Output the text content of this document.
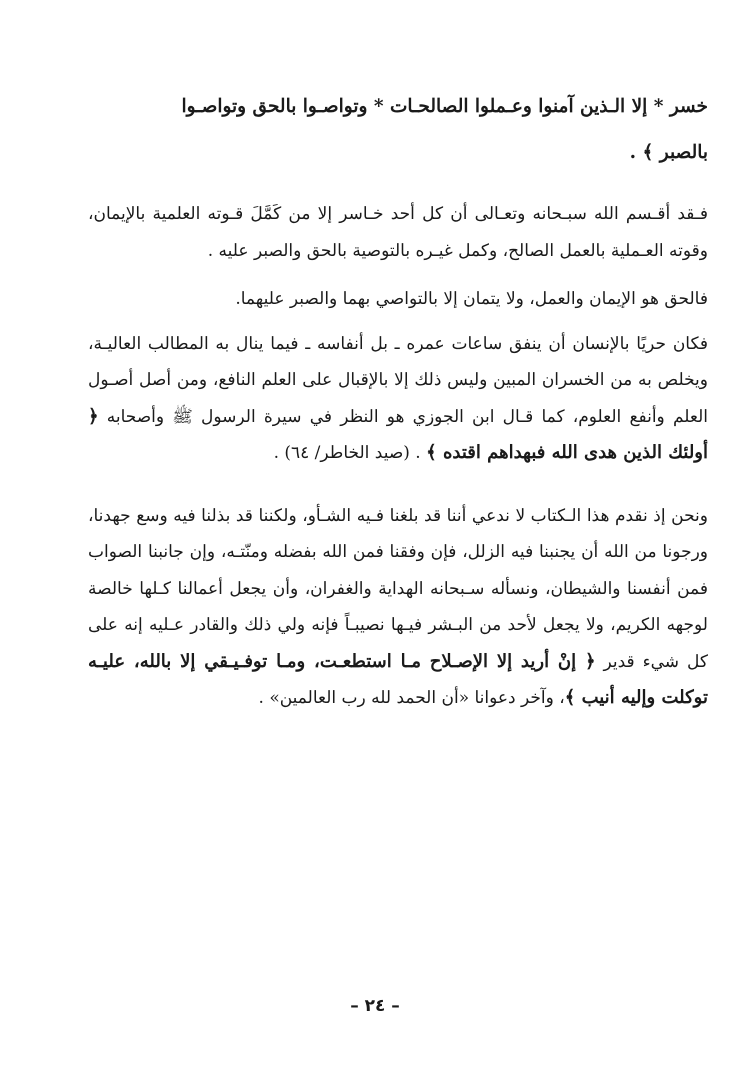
خسر * إلا الـذين آمنوا وعـملوا الصالحـات * وتواصـوا بالحق وتواصـوا
بالصبر ﴾ .

فـقد أقـسم الله سبـحانه وتعـالى أن كل أحد خـاسر إلا من كَمَّلَ قـوته العلمية بالإيمان، وقوته العـملية بالعمل الصالح، وكمل غيـره بالتوصية بالحق والصبر عليه .

فالحق هو الإيمان والعمل، ولا يتمان إلا بالتواصي بهما والصبر عليهما.

فكان حريًا بالإنسان أن ينفق ساعات عمره ـ بل أنفاسه ـ فيما ينال به المطالب العاليـة، ويخلص به من الخسران المبين وليس ذلك إلا بالإقبال على العلم النافع، ومن أصل أصـول العلم وأنفع العلوم، كما قـال ابن الجوزي هو النظر في سيرة الرسول ﷺ وأصحابه ﴿ أولئك الذين هدى الله فبهداهم اقتده ﴾ . (صيد الخاطر/ ٦٤) .

ونحن إذ نقدم هذا الـكتاب لا ندعي أننا قد بلغنا فـيه الشـأو، ولكننا قد بذلنا فيه وسع جهدنا، ورجونا من الله أن يجنبنا فيه الزلل، فإن وفقنا فمن الله بفضله ومنّتـه، وإن جانبنا الصواب فمن أنفسنا والشيطان، ونسأله سـبحانه الهداية والغفران، وأن يجعل أعمالنا كـلها خالصة لوجهه الكريم، ولا يجعل لأحد من البـشر فيـها نصيبـاً فإنه ولي ذلك والقادر عـليه إنه على كل شيء قدير ﴿ إنْ أريد إلا الإصـلاح مـا استطعـت، ومـا توفـيـقي إلا بالله، عليـه توكلت وإليه أنيب ﴾، وآخر دعوانا «أن الحمد لله رب العالمين» .

– ٢٤ –
